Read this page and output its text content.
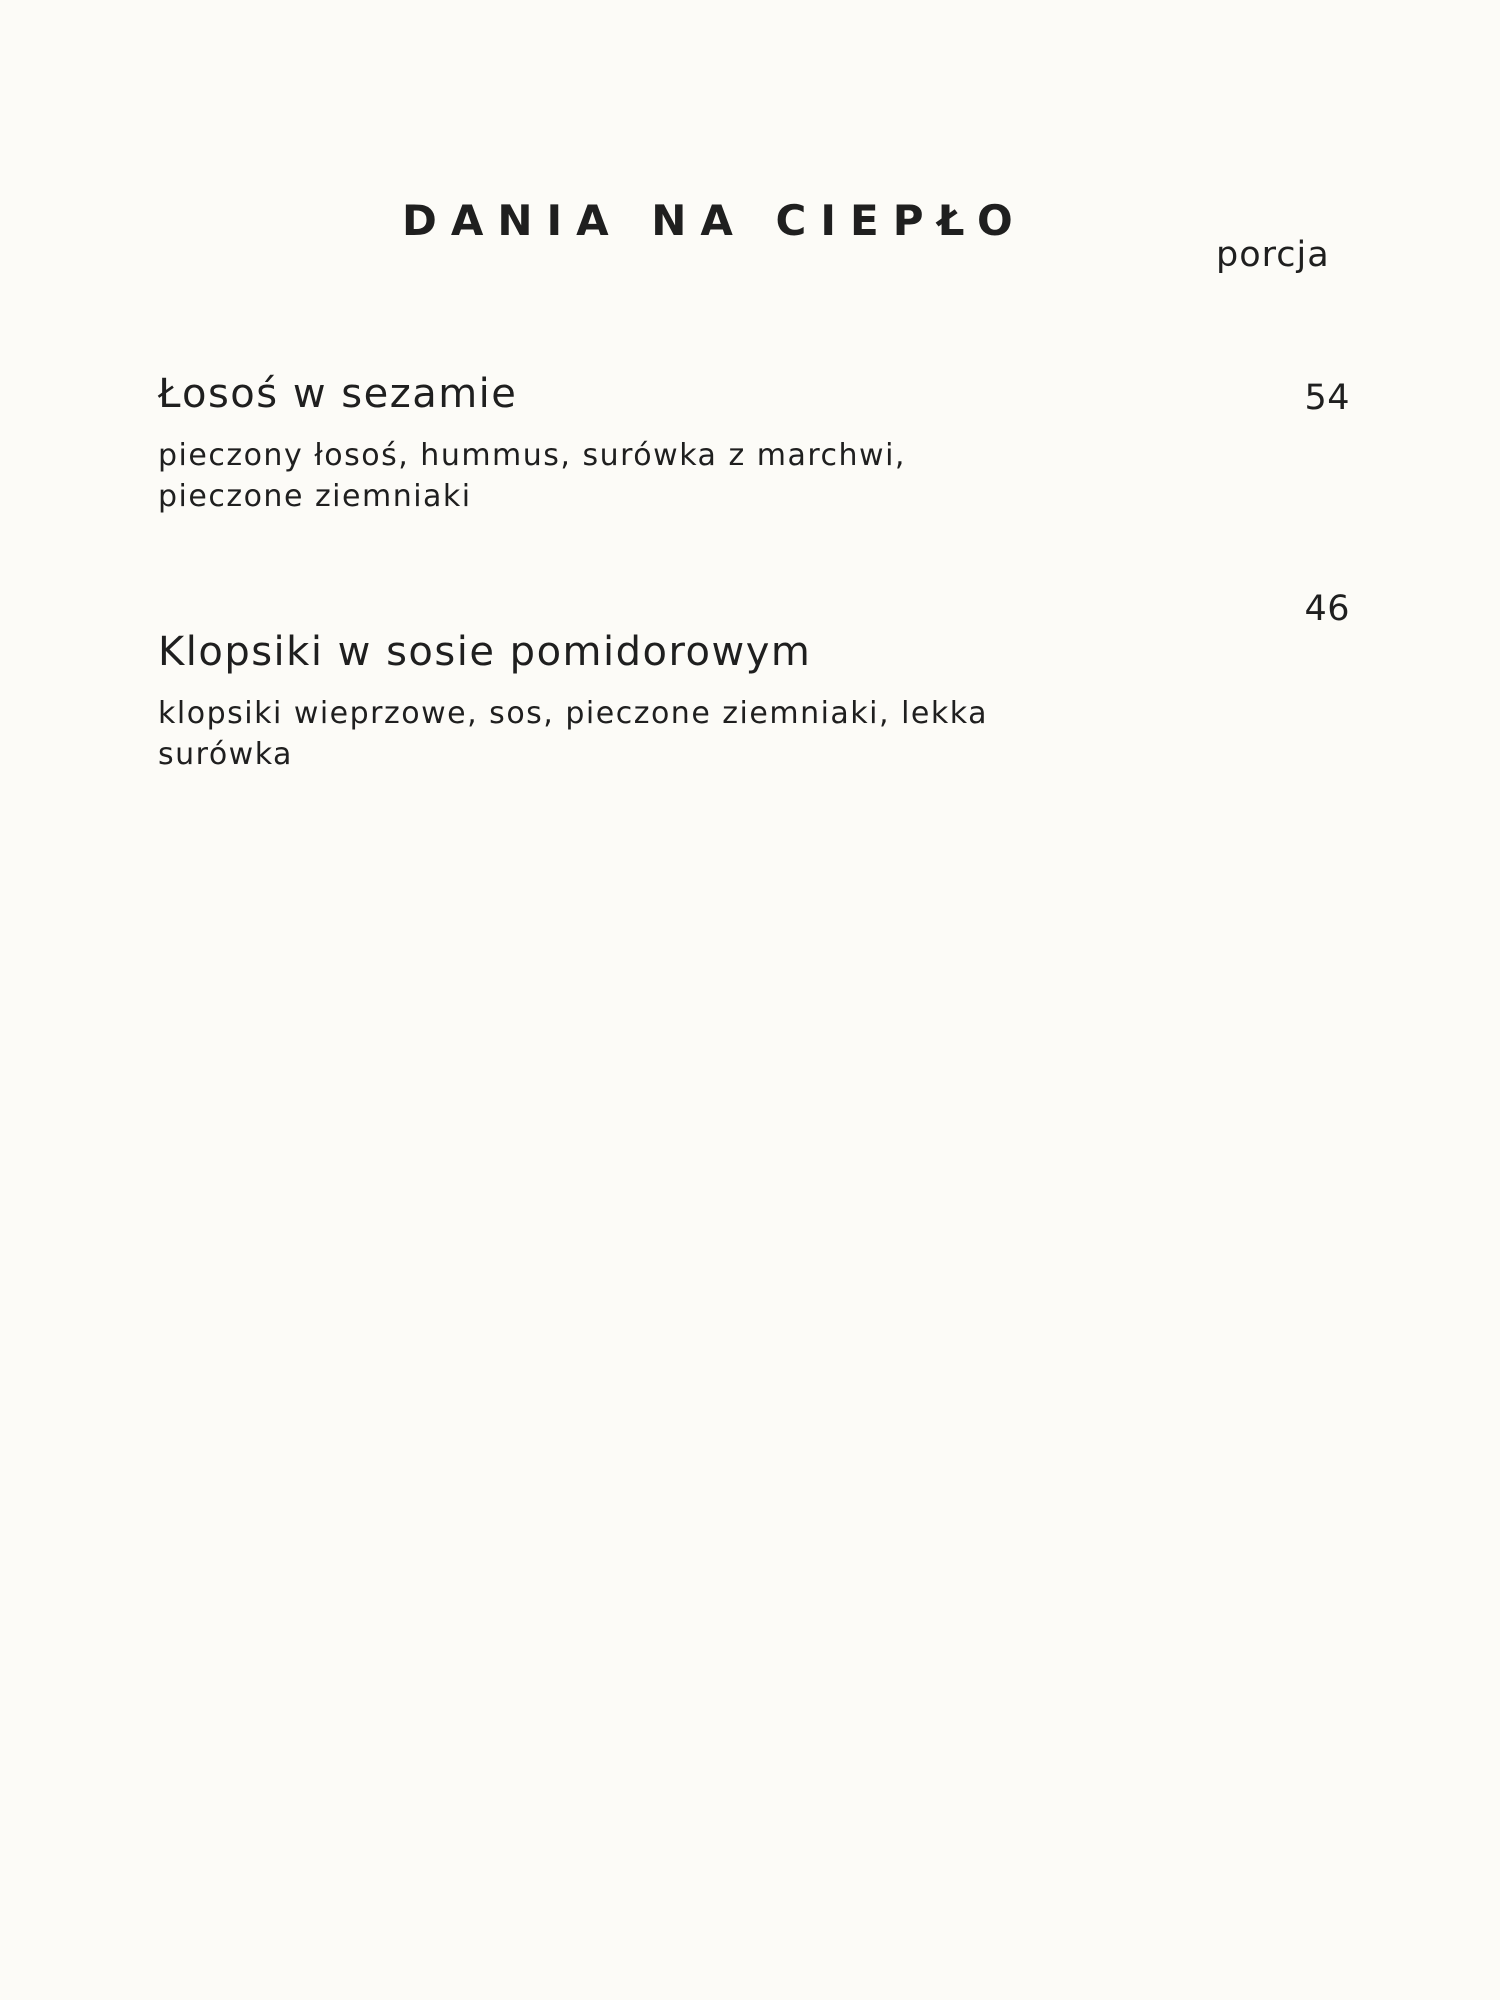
DANIA NA CIEPŁO
porcja
Łosoś w sezamie
pieczony łosoś, hummus, surówka z marchwi, pieczone ziemniaki
54
Klopsiki w sosie pomidorowym
klopsiki wieprzowe, sos, pieczone ziemniaki, lekka surówka
46
